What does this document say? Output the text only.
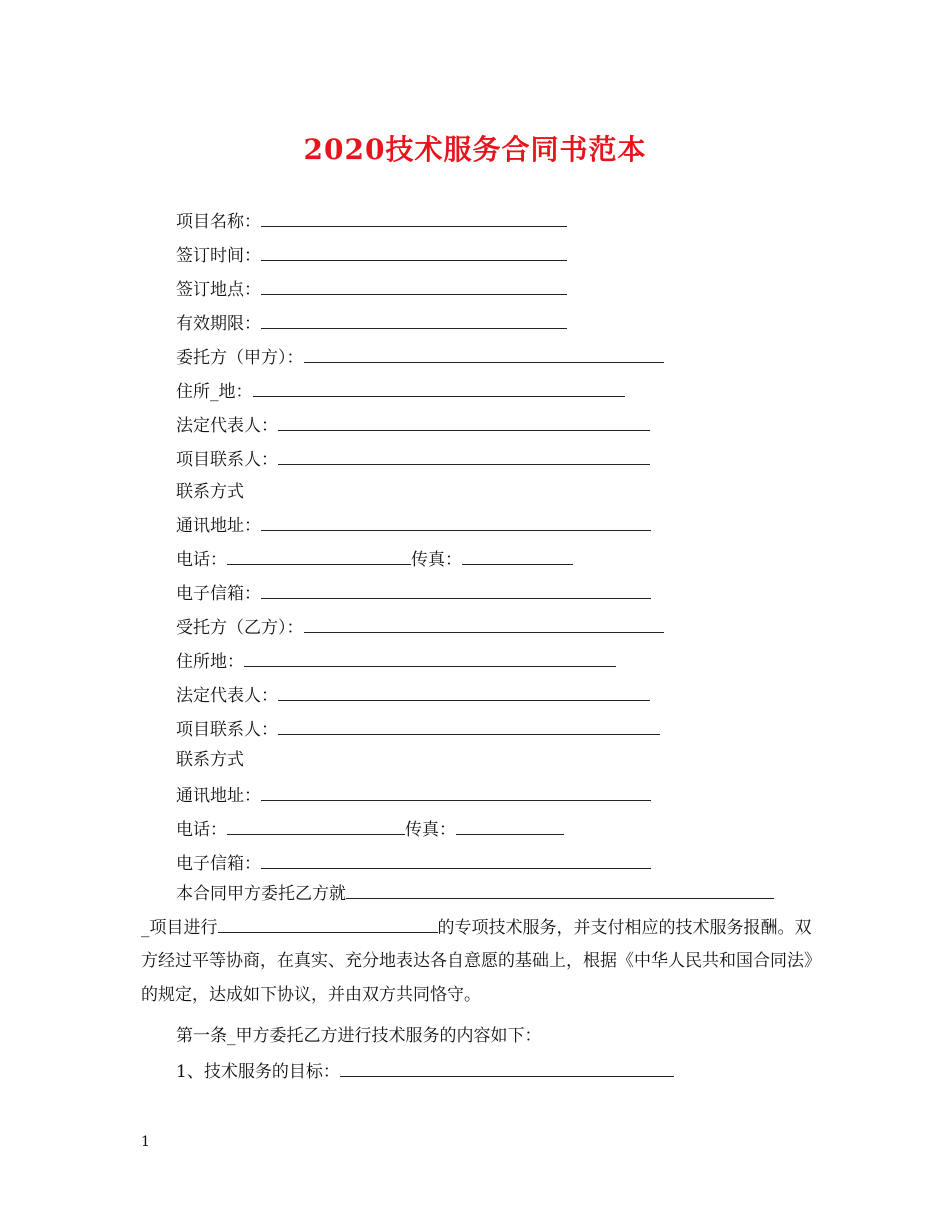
2020技术服务合同书范本
项目名称：
签订时间：
签订地点：
有效期限：
委托方（甲方）：
住所_地：
法定代表人：
项目联系人：
联系方式
通讯地址：
电话：	传真：
电子信箱：
受托方（乙方）：
住所地：
法定代表人：
项目联系人：
联系方式
通讯地址：
电话：	传真：
电子信箱：
本合同甲方委托乙方就
_项目进行	的专项技术服务，并支付相应的技术服务报酬。双方经过平等协商，在真实、充分地表达各自意愿的基础上，根据《中华人民共和国合同法》的规定，达成如下协议，并由双方共同恪守。
第一条_甲方委托乙方进行技术服务的内容如下：
1、技术服务的目标：
1
